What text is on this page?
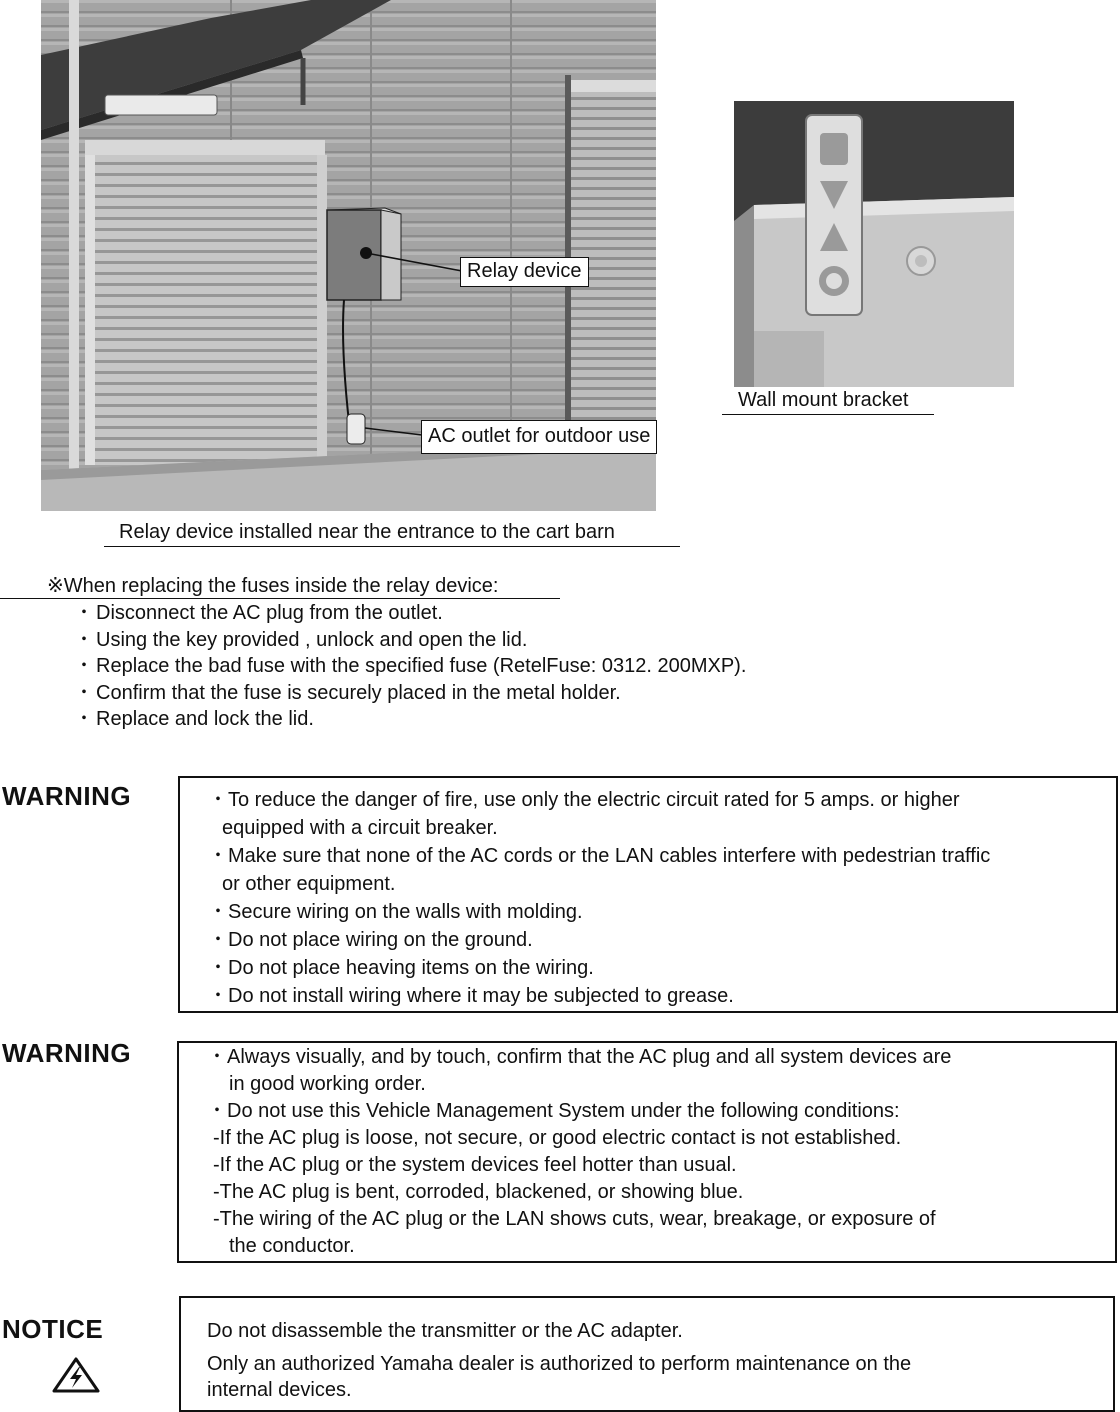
Relay device
AC outlet for outdoor use
Relay device installed near the entrance to the cart barn
Wall mount bracket
※When replacing the fuses inside the relay device:
・ Disconnect the AC plug from the outlet.
・ Using the key provided , unlock and open the lid.
・ Replace the bad fuse with the specified fuse (RetelFuse: 0312. 200MXP).
・ Confirm that the fuse is securely placed in the metal holder.
・ Replace and lock the lid.
WARNING	・ To reduce the danger of fire, use only the electric circuit rated for 5 amps. or higher
equipped with a circuit breaker.
・ Make sure that none of the AC cords or the LAN cables interfere with pedestrian traffic
or other equipment.
・ Secure wiring on the walls with molding.
・ Do not place wiring on the ground.
・ Do not place heaving items on the wiring.
・ Do not install wiring where it may be subjected to grease.
WARNING	・ Always visually, and by touch, confirm that the AC plug and all system devices are
in good working order.
・ Do not use this Vehicle Management System under the following conditions:
-If the AC plug is loose, not secure, or good electric contact is not established.
-If the AC plug or the system devices feel hotter than usual.
-The AC plug is bent, corroded, blackened, or showing blue.
-The wiring of the AC plug or the LAN shows cuts, wear, breakage, or exposure of
the conductor.
NOTICE	Do not disassemble the transmitter or the AC adapter.

Only an authorized Yamaha dealer is authorized to perform maintenance on the

internal devices.
